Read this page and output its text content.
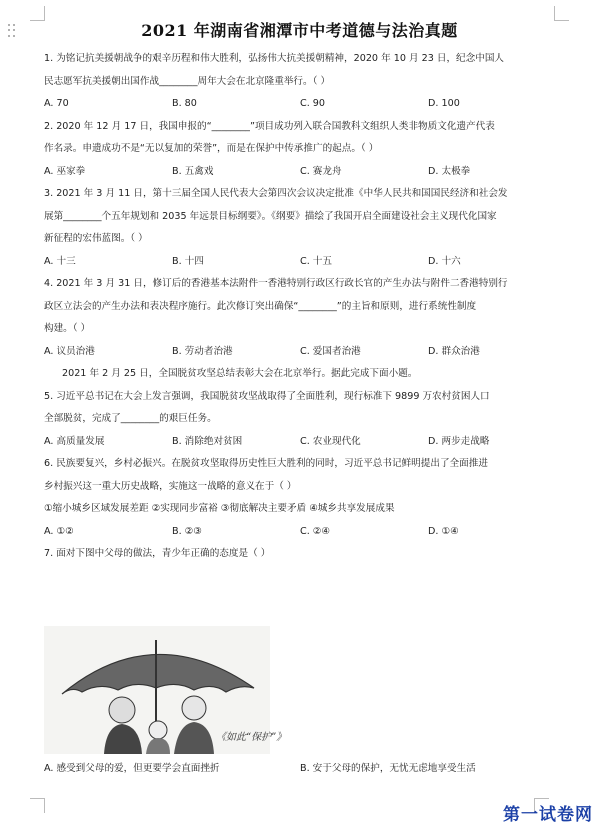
2021 年湖南省湘潭市中考道德与法治真题
1. 为铭记抗美援朝战争的艰辛历程和伟大胜利，弘扬伟大抗美援朝精神，2020 年 10 月 23 日，纪念中国人
民志愿军抗美援朝出国作战________周年大会在北京隆重举行。（ ）
A. 70	B. 80	C. 90	D. 100
2. 2020 年 12 月 17 日，我国申报的“________”项目成功列入联合国教科文组织人类非物质文化遗产代表
作名录。申遗成功不是“无以复加的荣誉”，而是在保护中传承推广的起点。（ ）
A. 巫家拳	B. 五禽戏	C. 赛龙舟	D. 太极拳
3. 2021 年 3 月 11 日，第十三届全国人民代表大会第四次会议决定批准《中华人民共和国国民经济和社会发
展第________个五年规划和 2035 年远景目标纲要》。《纲要》描绘了我国开启全面建设社会主义现代化国家
新征程的宏伟蓝图。（ ）
A. 十三	B. 十四	C. 十五	D. 十六
4. 2021 年 3 月 31 日，修订后的香港基本法附件一香港特别行政区行政长官的产生办法与附件二香港特别行
政区立法会的产生办法和表决程序施行。此次修订突出确保“________”的主旨和原则，进行系统性制度
构建。（ ）
A. 议员治港	B. 劳动者治港	C. 爱国者治港	D. 群众治港
2021 年 2 月 25 日，全国脱贫攻坚总结表彰大会在北京举行。据此完成下面小题。
5. 习近平总书记在大会上发言强调，我国脱贫攻坚战取得了全面胜利，现行标准下 9899 万农村贫困人口
全部脱贫，完成了________的艰巨任务。
A. 高质量发展	B. 消除绝对贫困	C. 农业现代化	D. 两步走战略
6. 民族要复兴，乡村必振兴。在脱贫攻坚取得历史性巨大胜利的同时，习近平总书记鲜明提出了全面推进
乡村振兴这一重大历史战略，实施这一战略的意义在于（ ）
①缩小城乡区域发展差距 ②实现同步富裕 ③彻底解决主要矛盾 ④城乡共享发展成果
A. ①②	B. ②③	C. ②④	D. ①④
7. 面对下图中父母的做法，青少年正确的态度是（ ）
《如此“保护”》
A. 感受到父母的爱，但更要学会直面挫折	B. 安于父母的保护，无忧无虑地享受生活
第一试卷网
